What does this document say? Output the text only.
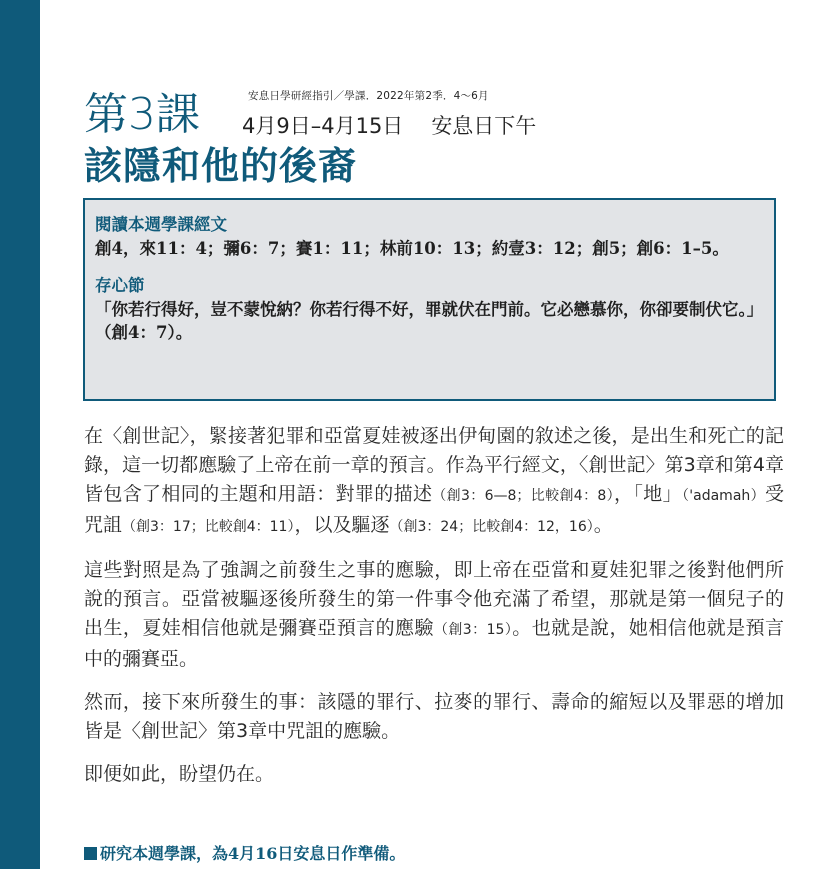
安息日學研經指引／學課．2022年第2季．4～6月
第3課 4月9日–4月15日 安息日下午
該隱和他的後裔

閱讀本週學課經文

創4，來11：4；彌6：7；賽1：11；林前10：13；約壹3：12；創5；創6：1–5。

存心節

「你若行得好，豈不蒙悅納？你若行得不好，罪就伏在門前。它必戀慕你，你卻要制伏它。」（創4：7）。

在〈創世記〉，緊接著犯罪和亞當夏娃被逐出伊甸園的敘述之後，是出生和死亡的記錄，這一切都應驗了上帝在前一章的預言。作為平行經文，〈創世記〉第3章和第4章皆包含了相同的主題和用語：對罪的描述（創3：6—8；比較創4：8），「地」（'adamah）受咒詛（創3：17；比較創4：11），以及驅逐（創3：24；比較創4：12，16）。

這些對照是為了強調之前發生之事的應驗，即上帝在亞當和夏娃犯罪之後對他們所說的預言。亞當被驅逐後所發生的第一件事令他充滿了希望，那就是第一個兒子的出生，夏娃相信他就是彌賽亞預言的應驗（創3：15）。也就是說，她相信他就是預言中的彌賽亞。

然而，接下來所發生的事：該隱的罪行、拉麥的罪行、壽命的縮短以及罪惡的增加皆是〈創世記〉第3章中咒詛的應驗。

即便如此，盼望仍在。

研究本週學課，為4月16日安息日作準備。
